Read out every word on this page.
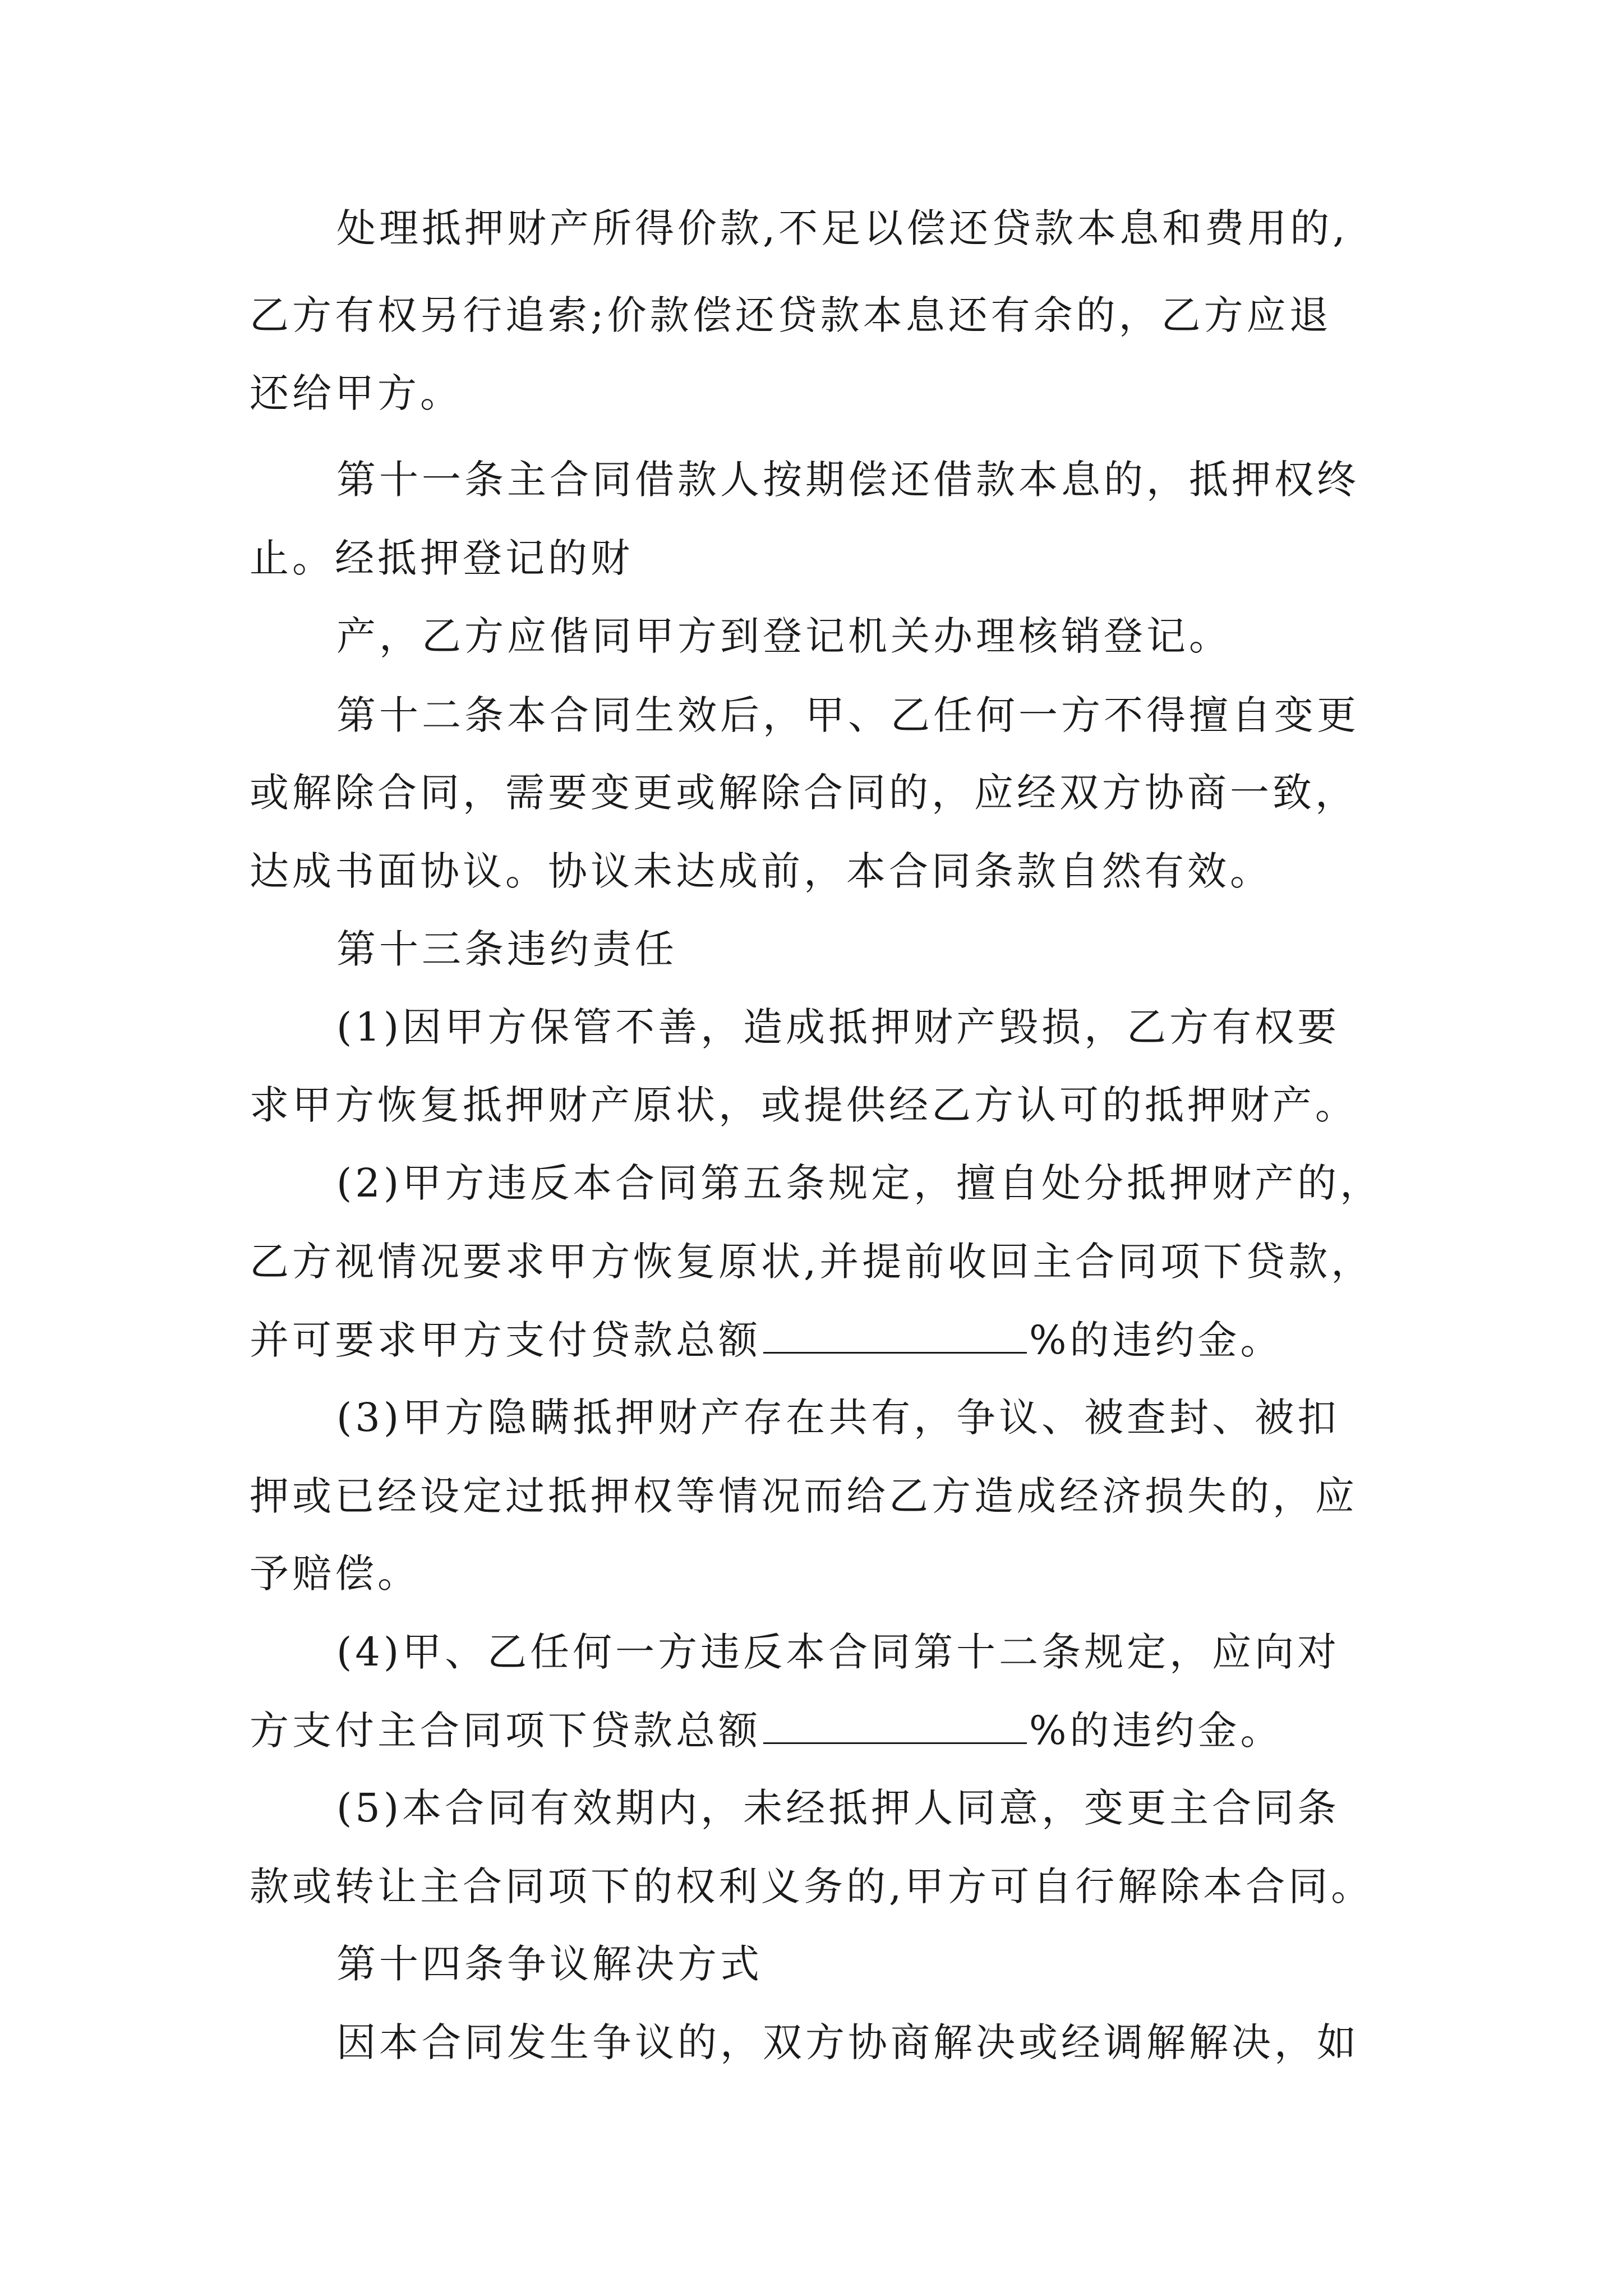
处理抵押财产所得价款,不足以偿还贷款本息和费用的,
乙方有权另行追索;价款偿还贷款本息还有余的，乙方应退
还给甲方。
第十一条主合同借款人按期偿还借款本息的，抵押权终
止。经抵押登记的财
产，乙方应偕同甲方到登记机关办理核销登记。
第十二条本合同生效后，甲、乙任何一方不得擅自变更
或解除合同，需要变更或解除合同的，应经双方协商一致，
达成书面协议。协议未达成前，本合同条款自然有效。
第十三条违约责任
(1)因甲方保管不善，造成抵押财产毁损，乙方有权要
求甲方恢复抵押财产原状，或提供经乙方认可的抵押财产。
(2)甲方违反本合同第五条规定，擅自处分抵押财产的，
乙方视情况要求甲方恢复原状,并提前收回主合同项下贷款，
并可要求甲方支付贷款总额	%的违约金。
(3)甲方隐瞒抵押财产存在共有，争议、被查封、被扣
押或已经设定过抵押权等情况而给乙方造成经济损失的，应
予赔偿。
(4)甲、乙任何一方违反本合同第十二条规定，应向对
方支付主合同项下贷款总额	%的违约金。
(5)本合同有效期内，未经抵押人同意，变更主合同条
款或转让主合同项下的权利义务的,甲方可自行解除本合同。
第十四条争议解决方式
因本合同发生争议的，双方协商解决或经调解解决，如
